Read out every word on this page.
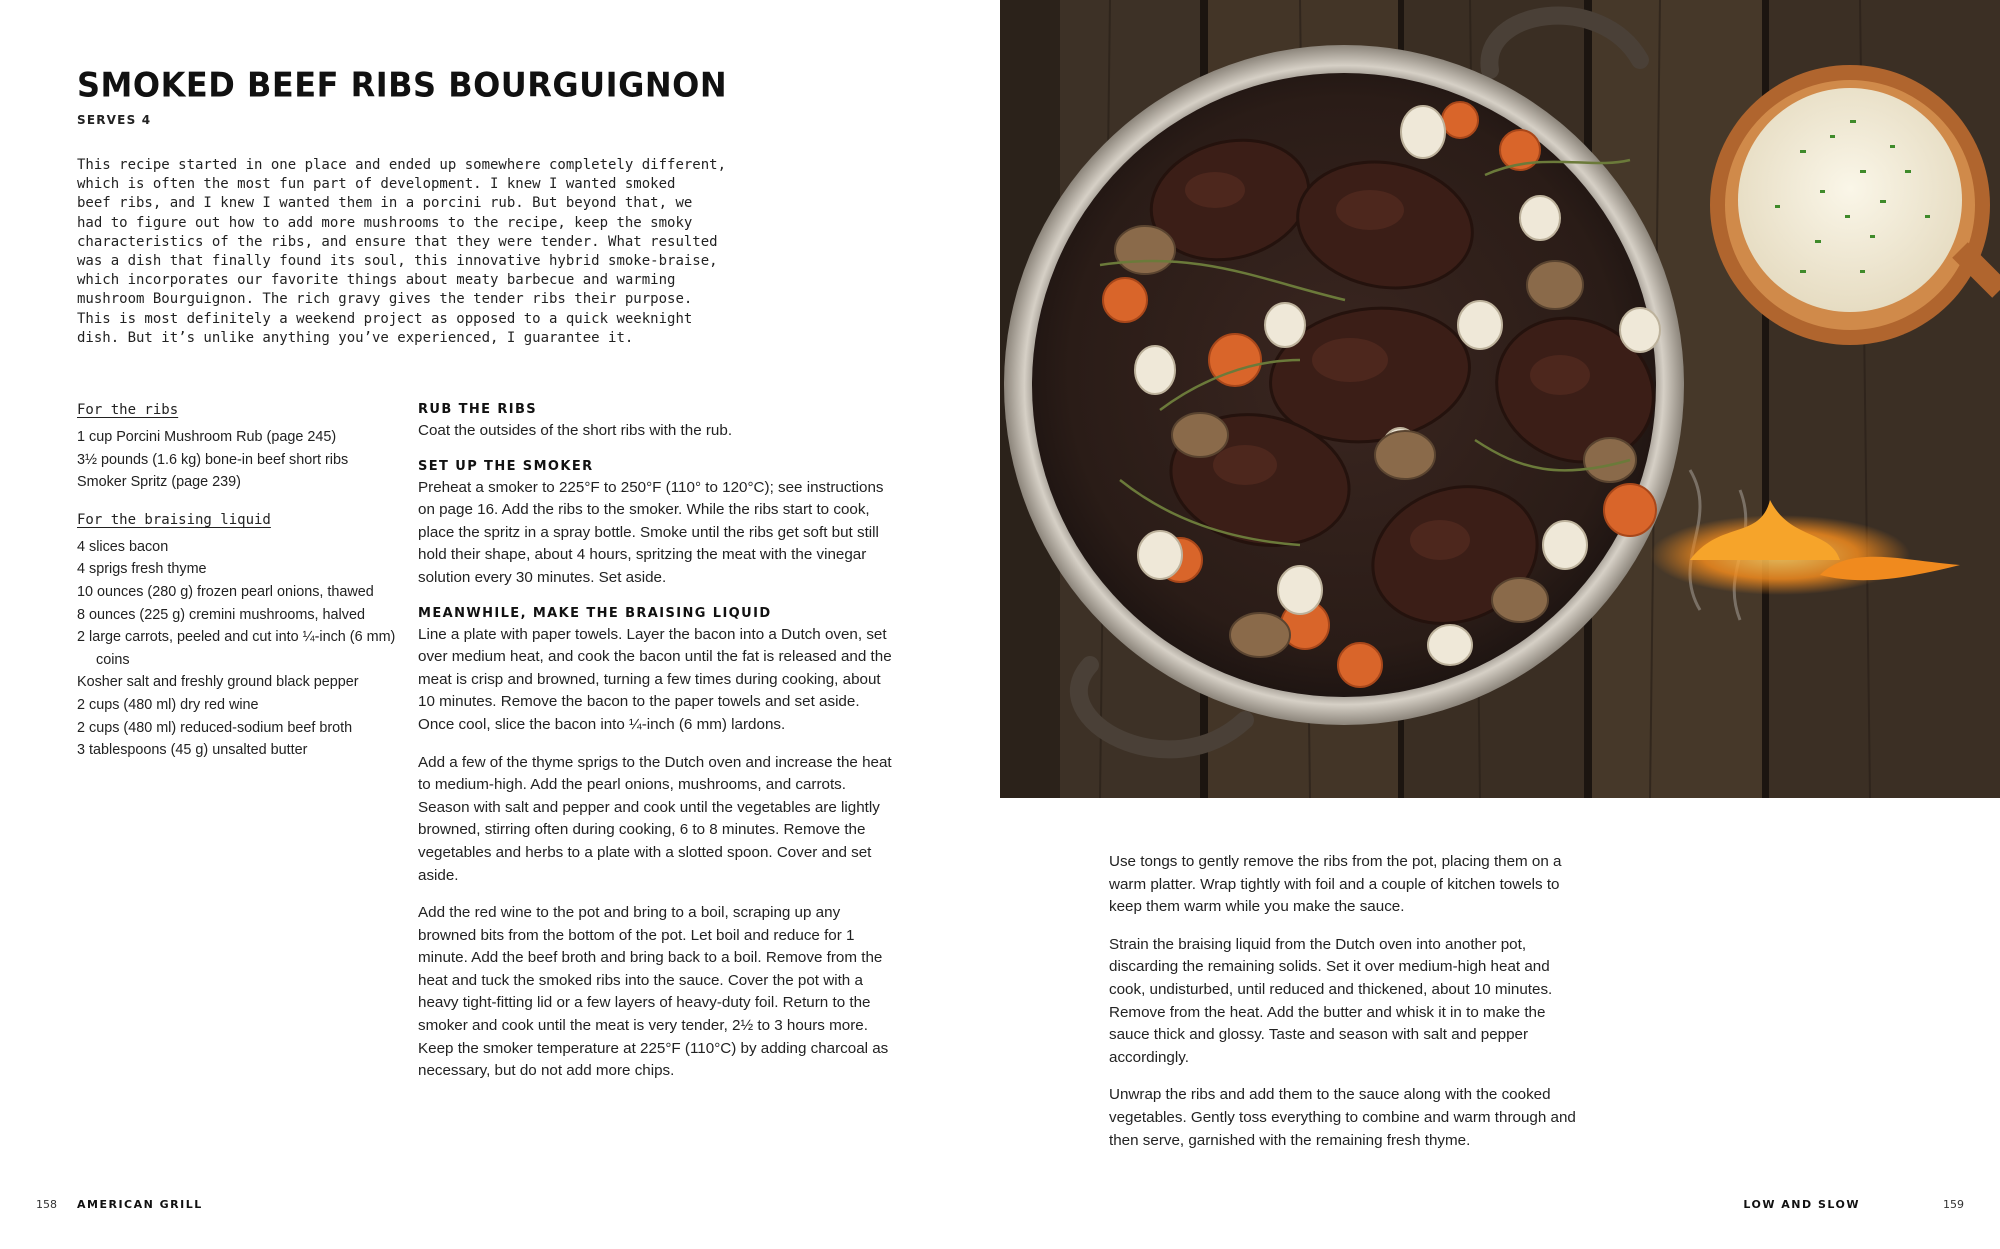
SMOKED BEEF RIBS BOURGUIGNON
SERVES 4

This recipe started in one place and ended up somewhere completely different,
which is often the most fun part of development. I knew I wanted smoked
beef ribs, and I knew I wanted them in a porcini rub. But beyond that, we
had to figure out how to add more mushrooms to the recipe, keep the smoky
characteristics of the ribs, and ensure that they were tender. What resulted
was a dish that finally found its soul, this innovative hybrid smoke-braise,
which incorporates our favorite things about meaty barbecue and warming
mushroom Bourguignon. The rich gravy gives the tender ribs their purpose.
This is most definitely a weekend project as opposed to a quick weeknight
dish. But it’s unlike anything you’ve experienced, I guarantee it.

For the ribs
1 cup Porcini Mushroom Rub (page 245)
3½ pounds (1.6 kg) bone-in beef short ribs
Smoker Spritz (page 239)
For the braising liquid
4 slices bacon
4 sprigs fresh thyme
10 ounces (280 g) frozen pearl onions, thawed
8 ounces (225 g) cremini mushrooms, halved
2 large carrots, peeled and cut into ¼-inch (6 mm) coins
Kosher salt and freshly ground black pepper
2 cups (480 ml) dry red wine
2 cups (480 ml) reduced-sodium beef broth
3 tablespoons (45 g) unsalted butter
RUB THE RIBS

Coat the outsides of the short ribs with the rub.

SET UP THE SMOKER

Preheat a smoker to 225°F to 250°F (110° to 120°C); see instructions on page 16. Add the ribs to the smoker. While the ribs start to cook, place the spritz in a spray bottle. Smoke until the ribs get soft but still hold their shape, about 4 hours, spritzing the meat with the vinegar solution every 30 minutes. Set aside.

MEANWHILE, MAKE THE BRAISING LIQUID

Line a plate with paper towels. Layer the bacon into a Dutch oven, set over medium heat, and cook the bacon until the fat is released and the meat is crisp and browned, turning a few times during cooking, about 10 minutes. Remove the bacon to the paper towels and set aside. Once cool, slice the bacon into ¼-inch (6 mm) lardons.

Add a few of the thyme sprigs to the Dutch oven and increase the heat to medium-high. Add the pearl onions, mushrooms, and carrots. Season with salt and pepper and cook until the vegetables are lightly browned, stirring often during cooking, 6 to 8 minutes. Remove the vegetables and herbs to a plate with a slotted spoon. Cover and set aside.

Add the red wine to the pot and bring to a boil, scraping up any browned bits from the bottom of the pot. Let boil and reduce for 1 minute. Add the beef broth and bring back to a boil. Remove from the heat and tuck the smoked ribs into the sauce. Cover the pot with a heavy tight-fitting lid or a few layers of heavy-duty foil. Return to the smoker and cook until the meat is very tender, 2½ to 3 hours more. Keep the smoker temperature at 225°F (110°C) by adding charcoal as necessary, but do not add more chips.

Use tongs to gently remove the ribs from the pot, placing them on a warm platter. Wrap tightly with foil and a couple of kitchen towels to keep them warm while you make the sauce.

Strain the braising liquid from the Dutch oven into another pot, discarding the remaining solids. Set it over medium-high heat and cook, undisturbed, until reduced and thickened, about 10 minutes. Remove from the heat. Add the butter and whisk it in to make the sauce thick and glossy. Taste and season with salt and pepper accordingly.

Unwrap the ribs and add them to the sauce along with the cooked vegetables. Gently toss everything to combine and warm through and then serve, garnished with the remaining fresh thyme.

158 AMERICAN GRILL	LOW AND SLOW	159
